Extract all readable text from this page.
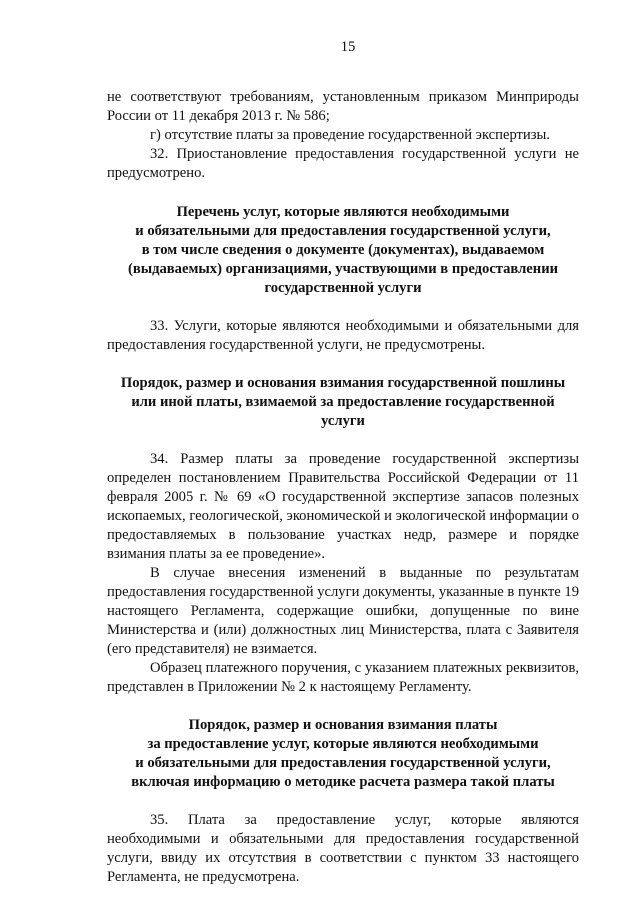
15

не соответствуют требованиям, установленным приказом Минприроды России от 11 декабря 2013 г. № 586;

г) отсутствие платы за проведение государственной экспертизы.

32. Приостановление предоставления государственной услуги не предусмотрено.

Перечень услуг, которые являются необходимыми
и обязательными для предоставления государственной услуги,
в том числе сведения о документе (документах), выдаваемом
(выдаваемых) организациями, участвующими в предоставлении
государственной услуги

33. Услуги, которые являются необходимыми и обязательными для предоставления государственной услуги, не предусмотрены.

Порядок, размер и основания взимания государственной пошлины
или иной платы, взимаемой за предоставление государственной
услуги

34. Размер платы за проведение государственной экспертизы определен постановлением Правительства Российской Федерации от 11 февраля 2005 г. № 69 «О государственной экспертизе запасов полезных ископаемых, геологической, экономической и экологической информации о предоставляемых в пользование участках недр, размере и порядке взимания платы за ее проведение».

В случае внесения изменений в выданные по результатам предоставления государственной услуги документы, указанные в пункте 19 настоящего Регламента, содержащие ошибки, допущенные по вине Министерства и (или) должностных лиц Министерства, плата с Заявителя (его представителя) не взимается.

Образец платежного поручения, с указанием платежных реквизитов, представлен в Приложении № 2 к настоящему Регламенту.

Порядок, размер и основания взимания платы
за предоставление услуг, которые являются необходимыми
и обязательными для предоставления государственной услуги,
включая информацию о методике расчета размера такой платы

35. Плата за предоставление услуг, которые являются необходимыми и обязательными для предоставления государственной услуги, ввиду их отсутствия в соответствии с пунктом 33 настоящего Регламента, не предусмотрена.
